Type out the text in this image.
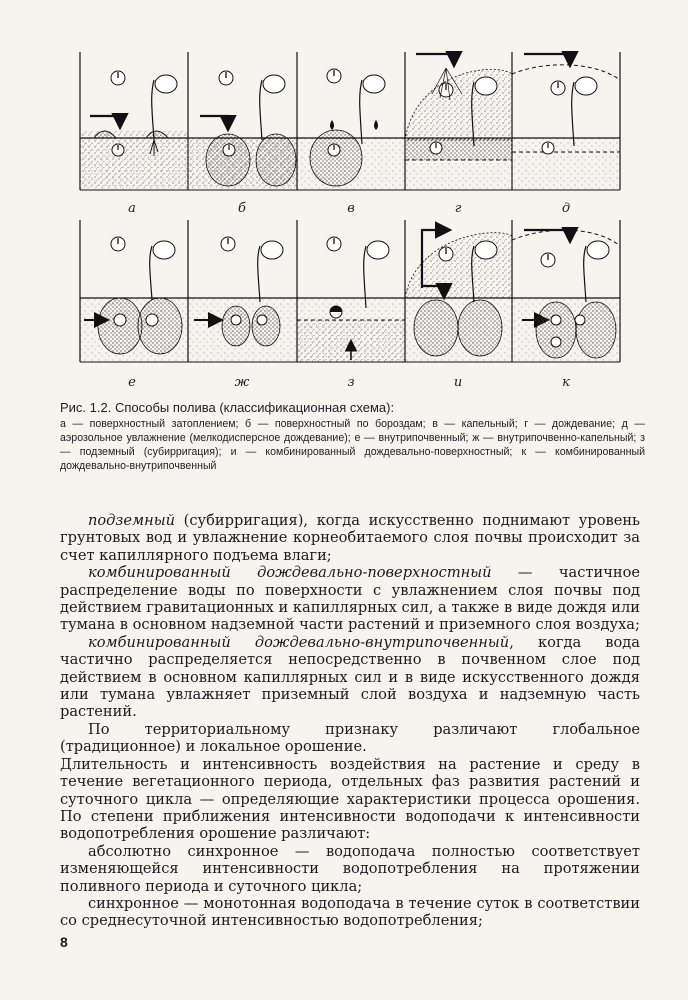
а	б	в	г	д
е	ж	з	и	к

Рис. 1.2. Способы полива (классификационная схема):

а — поверхностный затоплением; б — поверхностный по бороздам; в — капельный; г — дождевание; д — аэрозольное увлажнение (мелкодисперсное дождевание); е — внутрипочвенный; ж — внутрипочвенно-капельный; з — подземный (субирригация); и — комбинированный дождевально-поверхностный; к — комбинированный дождевально-внутрипочвенный

подземный (субирригация), когда искусственно поднимают уровень грунтовых вод и увлажнение корнеобитаемого слоя почвы происходит за счет капиллярного подъема влаги;

комбинированный дождевально-поверхностный — частичное распределение воды по поверхности с увлажнением слоя почвы под действием гравитационных и капиллярных сил, а также в виде дождя или тумана в основном надземной части растений и приземного слоя воздуха;

комбинированный дождевально-внутрипочвенный, когда вода частично распределяется непосредственно в почвенном слое под действием в основном капиллярных сил и в виде искусственного дождя или тумана увлажняет приземный слой воздуха и надземную часть растений.

По территориальному признаку различают глобальное (традиционное) и локальное орошение.

Длительность и интенсивность воздействия на растение и среду в течение вегетационного периода, отдельных фаз развития растений и суточного цикла — определяющие характеристики процесса орошения. По степени приближения интенсивности водоподачи к интенсивности водопотребления орошение различают:

абсолютно синхронное — водоподача полностью соответствует изменяющейся интенсивности водопотребления на протяжении поливного периода и суточного цикла;

синхронное — монотонная водоподача в течение суток в соответствии со среднесуточной интенсивностью водопотребления;

8
